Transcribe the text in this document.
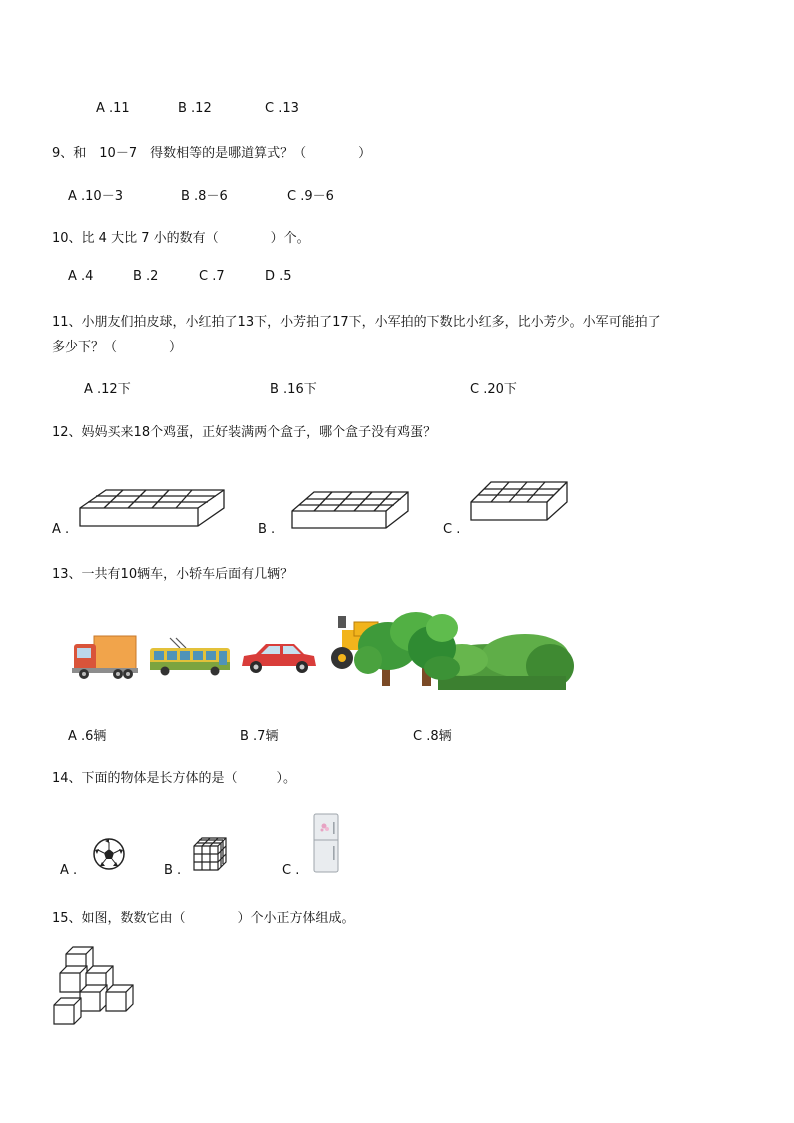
A .11	B .12	C .13
9、和　10－7　得数相等的是哪道算式？（　　　　）
A .10－3	B .8－6	C .9－6
10、比 4 大比 7 小的数有（　　　　）个。
A .4	B .2	C .7	D .5
11、小朋友们拍皮球，小红拍了13下，小芳拍了17下，小军拍的下数比小红多，比小芳少。小军可能拍了
多少下？（　　　　）
A .12下	B .16下	C .20下
12、妈妈买来18个鸡蛋，正好装满两个盒子，哪个盒子没有鸡蛋？
A .	B .	C .
13、一共有10辆车，小轿车后面有几辆？
A .6辆	B .7辆	C .8辆
14、下面的物体是长方体的是（　　　）。
A .	B .	C .
15、如图，数数它由（　　　　）个小正方体组成。
